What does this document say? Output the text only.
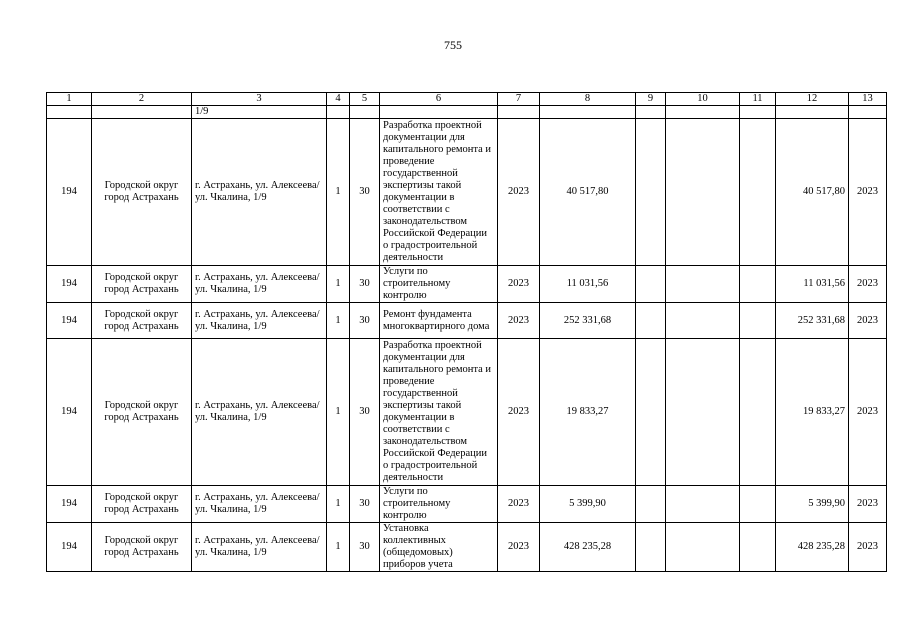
755
1	2	3	4	5	6	7	8	9	10	11	12	13
		1/9										
194	Городской округ город Астрахань	г. Астрахань, ул. Алексеева/ ул. Чкалина, 1/9	1	30	Разработка проектной документации для капитального ремонта и проведение государственной экспертизы такой документации в соответствии с законодательством Российской Федерации о градостроительной деятельности	2023	40 517,80				40 517,80	2023
194	Городской округ город Астрахань	г. Астрахань, ул. Алексеева/ ул. Чкалина, 1/9	1	30	Услуги по строительному контролю	2023	11 031,56				11 031,56	2023
194	Городской округ город Астрахань	г. Астрахань, ул. Алексеева/ ул. Чкалина, 1/9	1	30	Ремонт фундамента многоквартирного дома	2023	252 331,68				252 331,68	2023
194	Городской округ город Астрахань	г. Астрахань, ул. Алексеева/ ул. Чкалина, 1/9	1	30	Разработка проектной документации для капитального ремонта и проведение государственной экспертизы такой документации в соответствии с законодательством Российской Федерации о градостроительной деятельности	2023	19 833,27				19 833,27	2023
194	Городской округ город Астрахань	г. Астрахань, ул. Алексеева/ ул. Чкалина, 1/9	1	30	Услуги по строительному контролю	2023	5 399,90				5 399,90	2023
194	Городской округ город Астрахань	г. Астрахань, ул. Алексеева/ ул. Чкалина, 1/9	1	30	Установка коллективных (общедомовых) приборов учета	2023	428 235,28				428 235,28	2023
